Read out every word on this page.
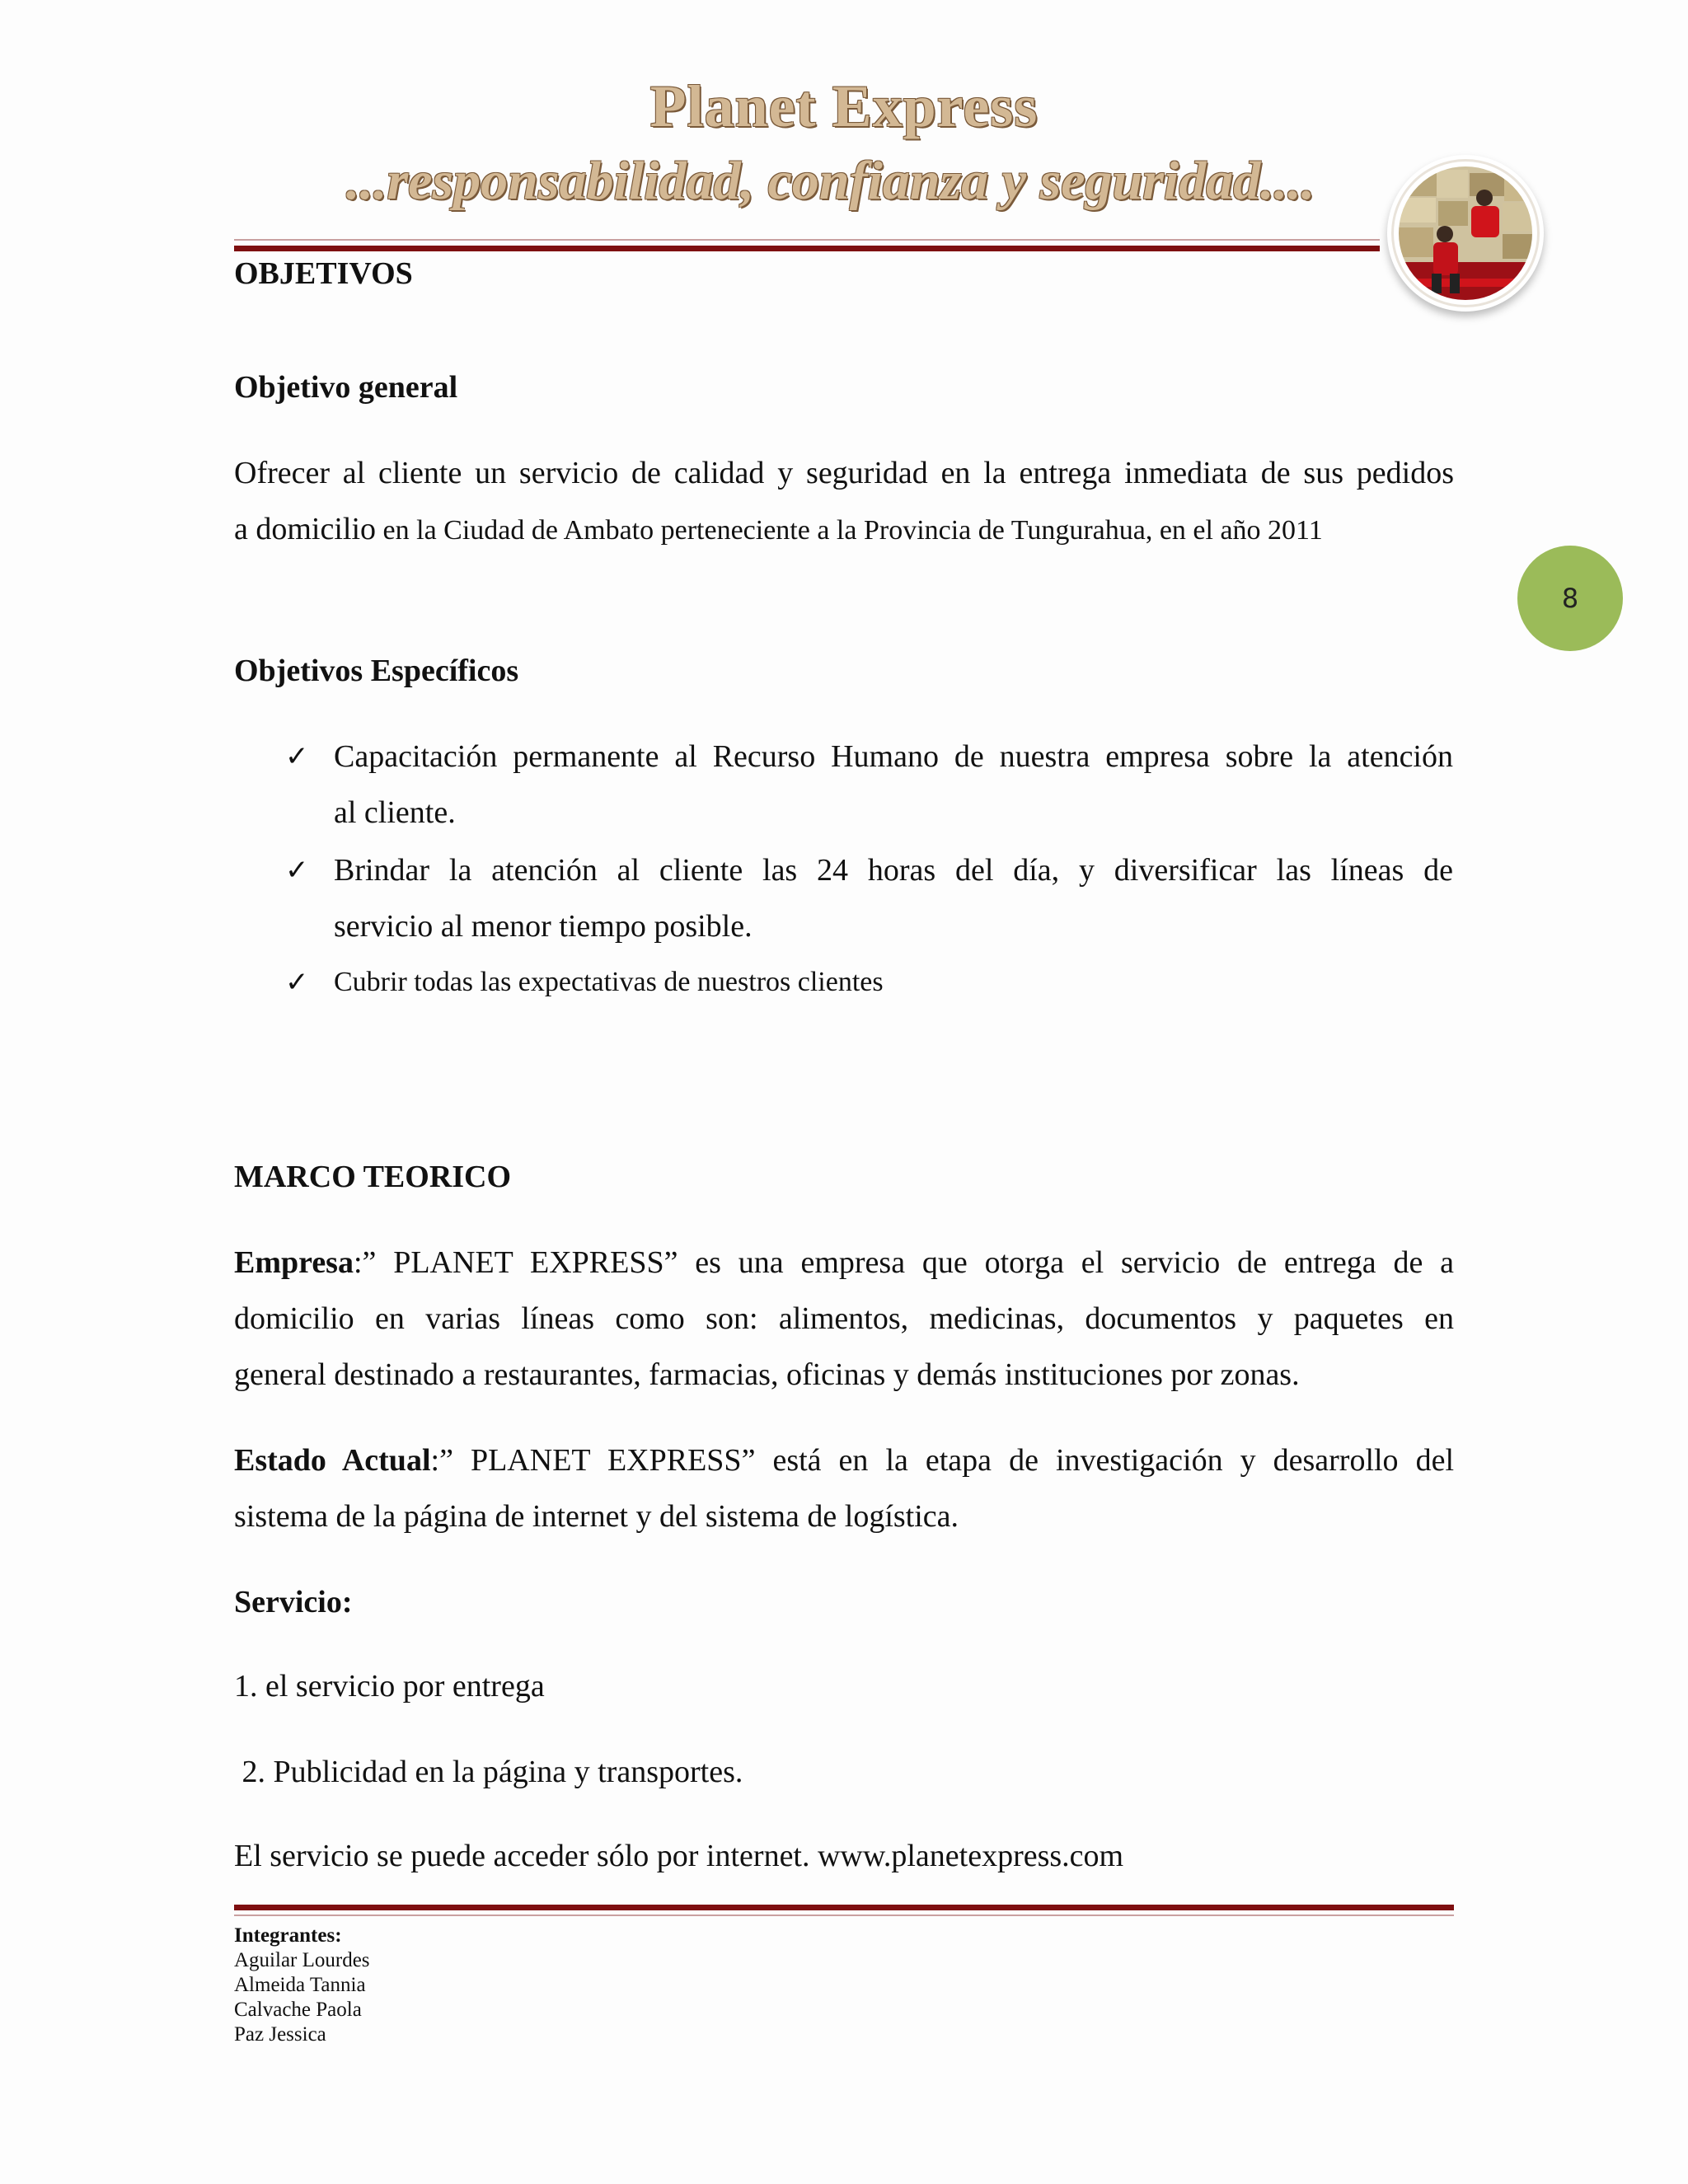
Planet Express
...responsabilidad, confianza y seguridad....
8
OBJETIVOS
Objetivo general
Ofrecer al cliente un servicio de calidad y seguridad en la entrega inmediata de sus pedidos
a domicilio en la Ciudad de Ambato perteneciente a la Provincia de Tungurahua, en el año 2011
Objetivos Específicos
✓ Capacitación permanente al Recurso Humano de nuestra empresa sobre la atención
al cliente.
✓ Brindar la atención al cliente las 24 horas del día, y diversificar las líneas de
servicio al menor tiempo posible.
✓ Cubrir todas las expectativas de nuestros clientes
MARCO TEORICO
Empresa:” PLANET EXPRESS” es una empresa que otorga el servicio de entrega de a
domicilio en varias líneas como son: alimentos, medicinas, documentos y paquetes en
general destinado a restaurantes, farmacias, oficinas y demás instituciones por zonas.
Estado Actual:” PLANET EXPRESS” está en la etapa de investigación y desarrollo del
sistema de la página de internet y del sistema de logística.
Servicio:
1. el servicio por entrega
2. Publicidad en la página y transportes.
El servicio se puede acceder sólo por internet. www.planetexpress.com
Integrantes:
Aguilar Lourdes
Almeida Tannia
Calvache Paola
Paz Jessica
